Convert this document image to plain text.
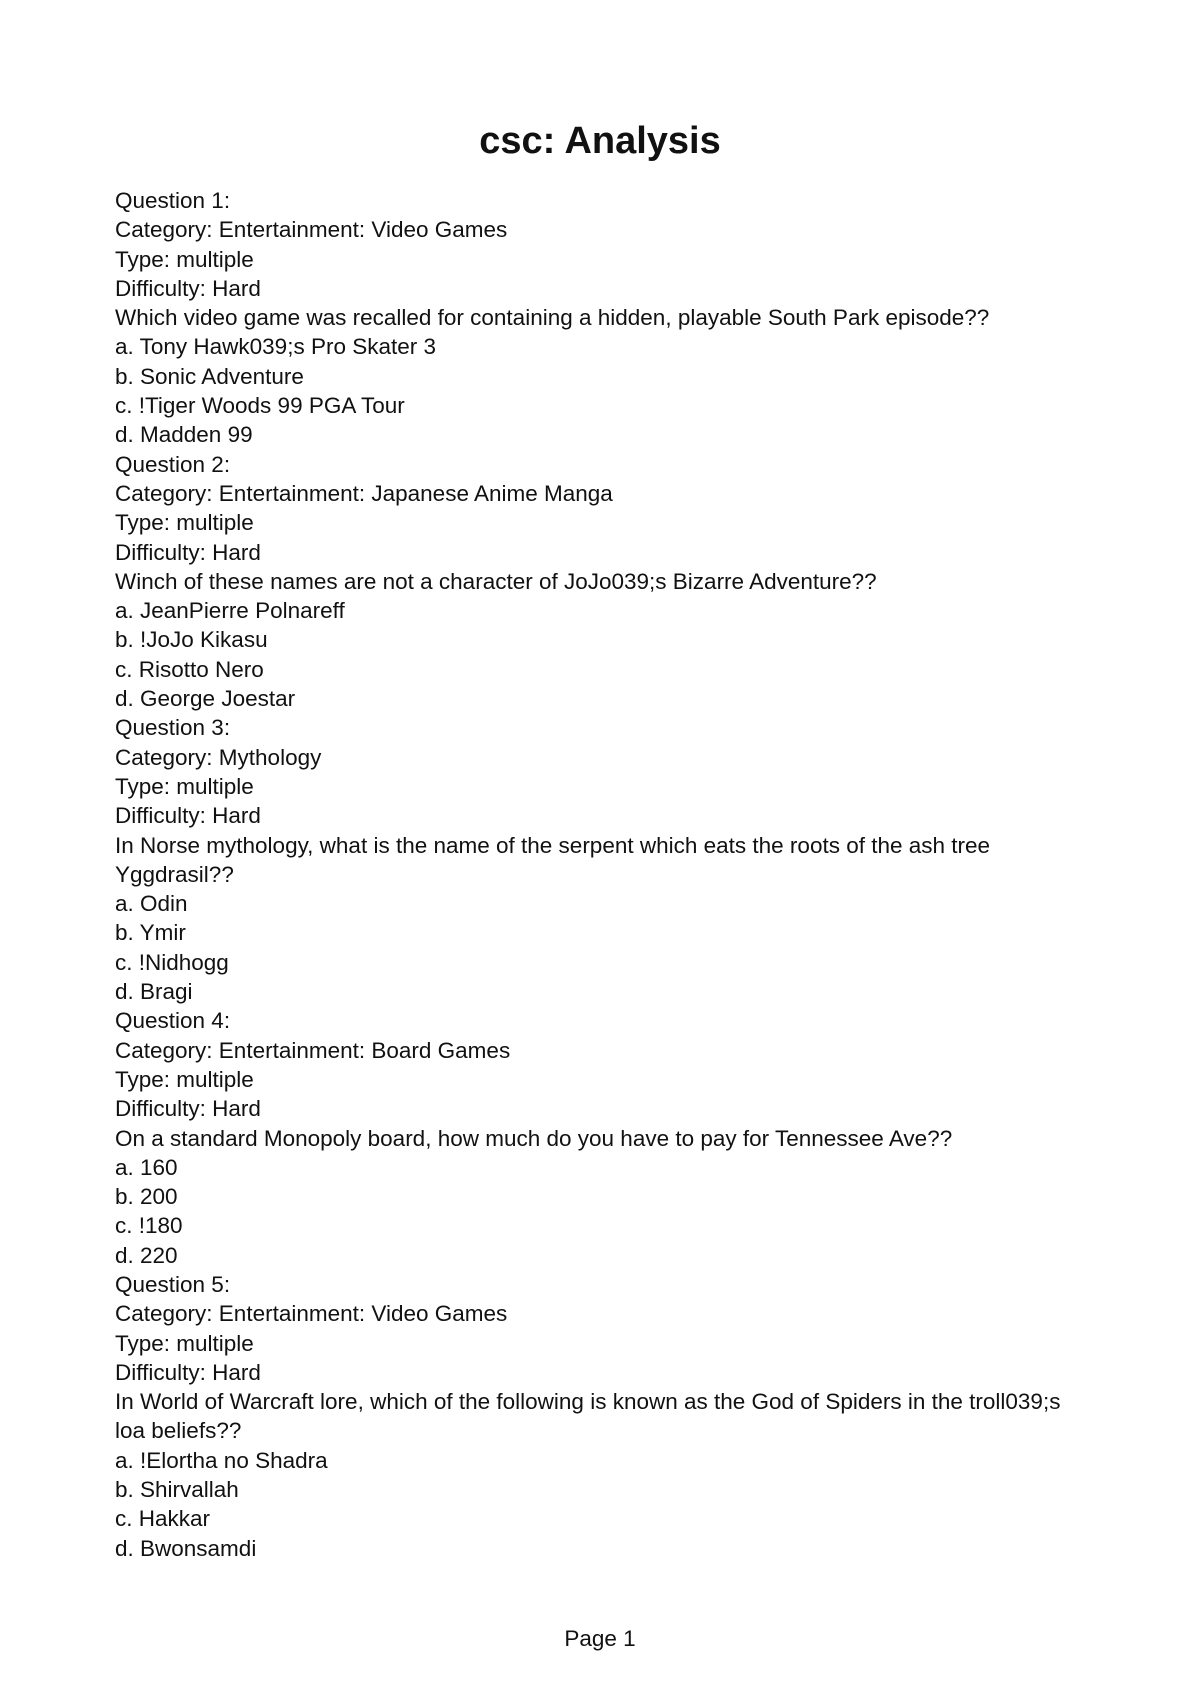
csc: Analysis

Question 1:

Category: Entertainment: Video Games

Type: multiple

Difficulty: Hard

Which video game was recalled for containing a hidden, playable South Park episode??

a. Tony Hawk039;s Pro Skater 3

b. Sonic Adventure

c. !Tiger Woods 99 PGA Tour

d. Madden 99

Question 2:

Category: Entertainment: Japanese Anime Manga

Type: multiple

Difficulty: Hard

Winch of these names are not a character of JoJo039;s Bizarre Adventure??

a. JeanPierre Polnareff

b. !JoJo Kikasu

c. Risotto Nero

d. George Joestar

Question 3:

Category: Mythology

Type: multiple

Difficulty: Hard

In Norse mythology, what is the name of the serpent which eats the roots of the ash tree Yggdrasil??

a. Odin

b. Ymir

c. !Nidhogg

d. Bragi

Question 4:

Category: Entertainment: Board Games

Type: multiple

Difficulty: Hard

On a standard Monopoly board, how much do you have to pay for Tennessee Ave??

a. 160

b. 200

c. !180

d. 220

Question 5:

Category: Entertainment: Video Games

Type: multiple

Difficulty: Hard

In World of Warcraft lore, which of the following is known as the God of Spiders in the troll039;s loa beliefs??

a. !Elortha no Shadra

b. Shirvallah

c. Hakkar

d. Bwonsamdi

Page 1
